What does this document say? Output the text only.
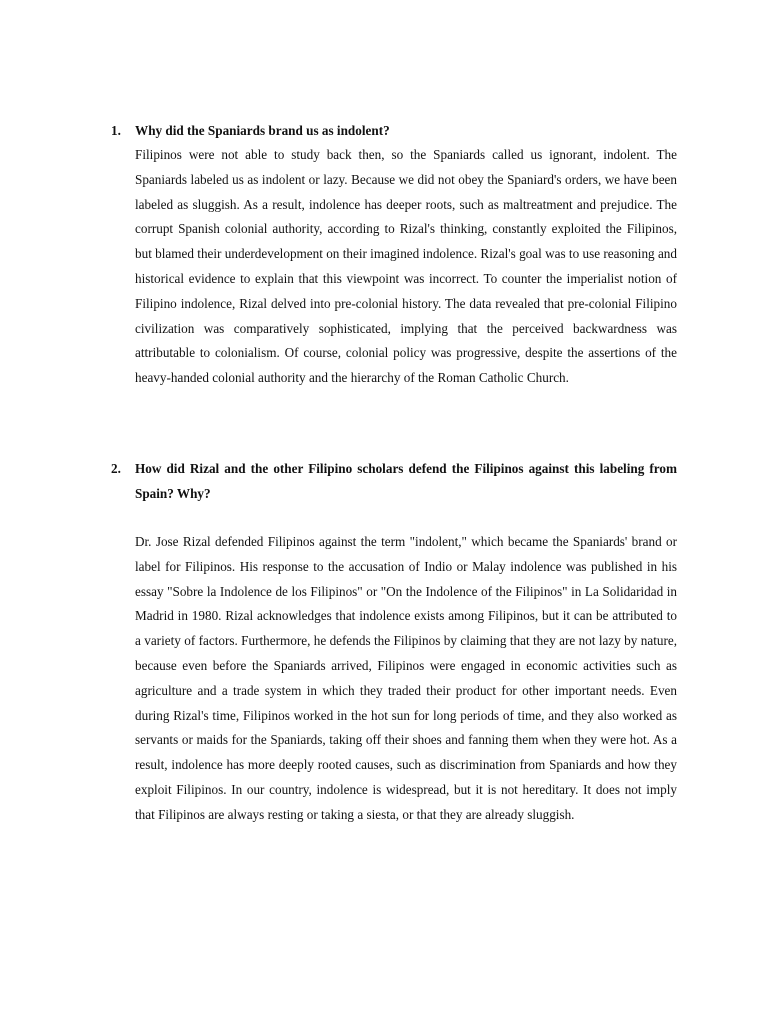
1. Why did the Spaniards brand us as indolent?

Filipinos were not able to study back then, so the Spaniards called us ignorant, indolent. The Spaniards labeled us as indolent or lazy. Because we did not obey the Spaniard's orders, we have been labeled as sluggish. As a result, indolence has deeper roots, such as maltreatment and prejudice. The corrupt Spanish colonial authority, according to Rizal's thinking, constantly exploited the Filipinos, but blamed their underdevelopment on their imagined indolence. Rizal's goal was to use reasoning and historical evidence to explain that this viewpoint was incorrect. To counter the imperialist notion of Filipino indolence, Rizal delved into pre-colonial history. The data revealed that pre-colonial Filipino civilization was comparatively sophisticated, implying that the perceived backwardness was attributable to colonialism. Of course, colonial policy was progressive, despite the assertions of the heavy-handed colonial authority and the hierarchy of the Roman Catholic Church.

2. How did Rizal and the other Filipino scholars defend the Filipinos against this labeling from Spain? Why?

Dr. Jose Rizal defended Filipinos against the term "indolent," which became the Spaniards' brand or label for Filipinos. His response to the accusation of Indio or Malay indolence was published in his essay "Sobre la Indolence de los Filipinos" or "On the Indolence of the Filipinos" in La Solidaridad in Madrid in 1980. Rizal acknowledges that indolence exists among Filipinos, but it can be attributed to a variety of factors. Furthermore, he defends the Filipinos by claiming that they are not lazy by nature, because even before the Spaniards arrived, Filipinos were engaged in economic activities such as agriculture and a trade system in which they traded their product for other important needs. Even during Rizal's time, Filipinos worked in the hot sun for long periods of time, and they also worked as servants or maids for the Spaniards, taking off their shoes and fanning them when they were hot. As a result, indolence has more deeply rooted causes, such as discrimination from Spaniards and how they exploit Filipinos. In our country, indolence is widespread, but it is not hereditary. It does not imply that Filipinos are always resting or taking a siesta, or that they are already sluggish.
